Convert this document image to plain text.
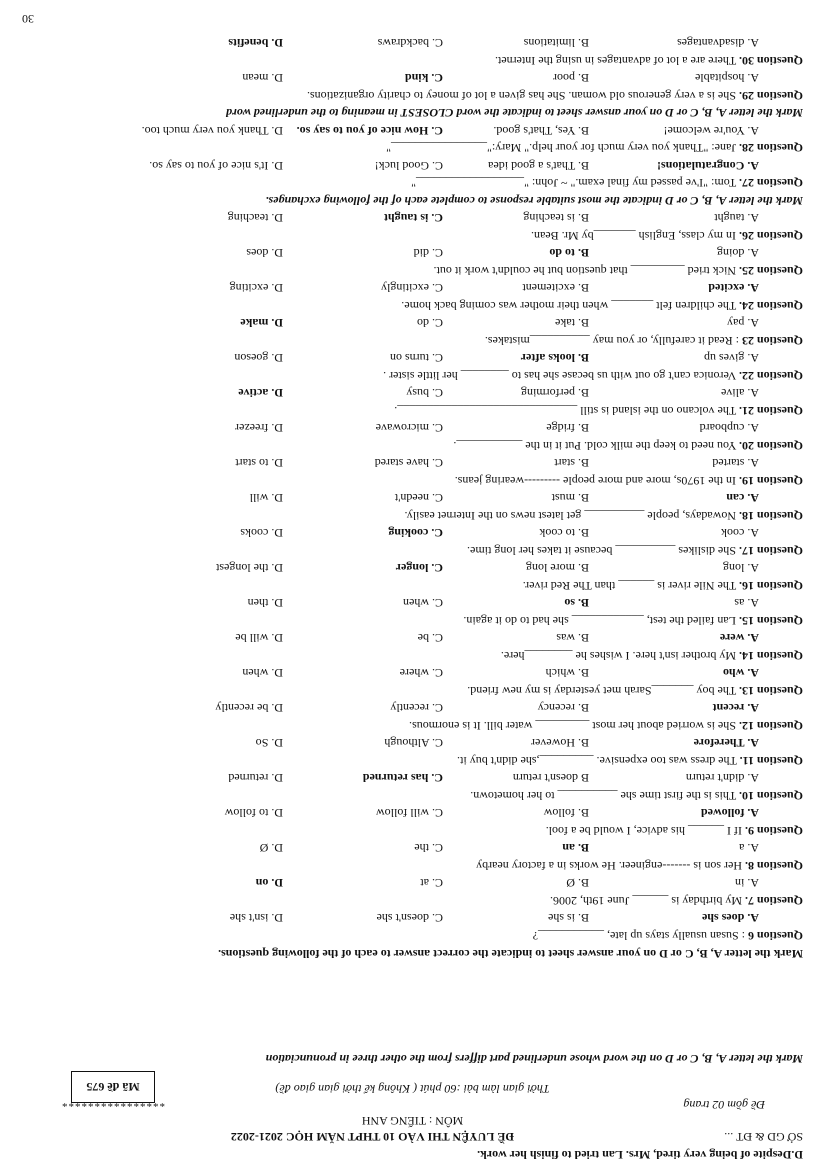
D.Despite of being very tired, Mrs. Lan tried to finish her work.
SỞ GD & ĐT ...
ĐỀ LUYỆN THI VÀO 10 THPT NĂM HỌC 2021-2022
MÔN : TIẾNG ANH
Đề gồm 02 trang
Thời gian làm bài :60 phút ( Không kể thời gian giao đề)
****************
Mã đề 675
Mark the letter A, B, C or D on the word whose underlined part differs from the other three in pronunciation

Mark the letter A, B, C or D on your answer sheet to indicate the correct answer to each of the following questions.
Question 6 : Susan usually stays up late, ___________?
A. does she
B. is she
C. doesn't she
D. isn't she
Question 7. My birthday is ______ June 19th, 2006.
A. in
B. Ø
C. at
D. on
Question 8. Her son is -------engineer. He works in a factory nearby
A. a
B. an
C. the
D. Ø
Question 9. If I ______ his advice, I would be a fool.
A. followed
B. follow
C. will follow
D. to follow
Question 10. This is the first time she __________ to her hometown.
A. didn't return
B doesn't return
C. has returned
D. returned
Question 11. The dress was too expensive. _________,she didn't buy it.
A. Therefore
B. However
C. Although
D. So
Question 12. She is worried about her most _________ water bill. It is enormous.
A. recent
B. recency
C. recently
D. be recently
Question 13. The boy _______Sarah met yesterday is my new friend.
A. who
B. which
C. where
D. when
Question 14. My brother isn't here. I wishes he ________here.
A. were
B. was
C. be
D. will be
Question 15. Lan failed the test, ____________ she had to do it again.
A. as
B. so
C. when
D. then
Question 16. The Nile river is ______ than The Red river.
A. long
B. more long
C. longer
D. the longest
Question 17. She dislikes __________ because it takes her long time.
A. cook
B. to cook
C. cooking
D. cooks
Question 18. Nowadays, people __________ get latest news on the Internet easily.
A. can
B. must
C. needn't
D. will
Question 19. In the 1970s, more and more people ---------wearing jeans.
A. started
B. start
C. have stared
D. to start
Question 20. You need to keep the milk cold. Put it in the ___________.
A. cupboard
B. fridge
C. microwave
D. freezer
Question 21. The volcano on the island is still ______________________________.
A. alive
B. performing
C. busy
D. active
Question 22. Veronica can't go out with us becase she has to ________ her little sister .
A. gives up
B. looks after
C. turns on
D. goeson
Question 23 : Read it carefully, or you may __________mistakes.
A. pay
B. take
C. do
D. make
Question 24. The children felt _______ when their mother was coming back home.
A. excited
B. excitement
C. excitingly
D. exciting
Question 25. Nick tried _________ that question but he couldn't work it out.
A. doing
B. to do
C. did
D. does
Question 26. In my class, English _______by Mr. Bean.
A. taught
B. is teaching
C. is taught
D. teaching
Mark the letter A, B, C or D indicate the most suitable response to complete each of the following exchanges.
Question 27. Tom: "I've passed my final exam." ~ John: "__________________"
A. Congratulations!
B. That's a good idea
C. Good luck!
D. It's nice of you to say so.
Question 28. Jane: "Thank you very much for your help." Mary:"________________"
A. You're welcome!
B. Yes, That's good.
C. How nice of you to say so.
D. Thank you very much too.
Mark the letter A, B, C or D on your answer sheet to indicate the word CLOSEST in meaning to the underlined word
Question 29. She is a very generous old woman. She has given a lot of money to charity organizations.
A. hospitable
B. poor
C. kind
D. mean
Question 30. There are a lot of advantages in using the Internet.
A. disadvantages
B. limitations
C. backdraws
D. benefits
30
